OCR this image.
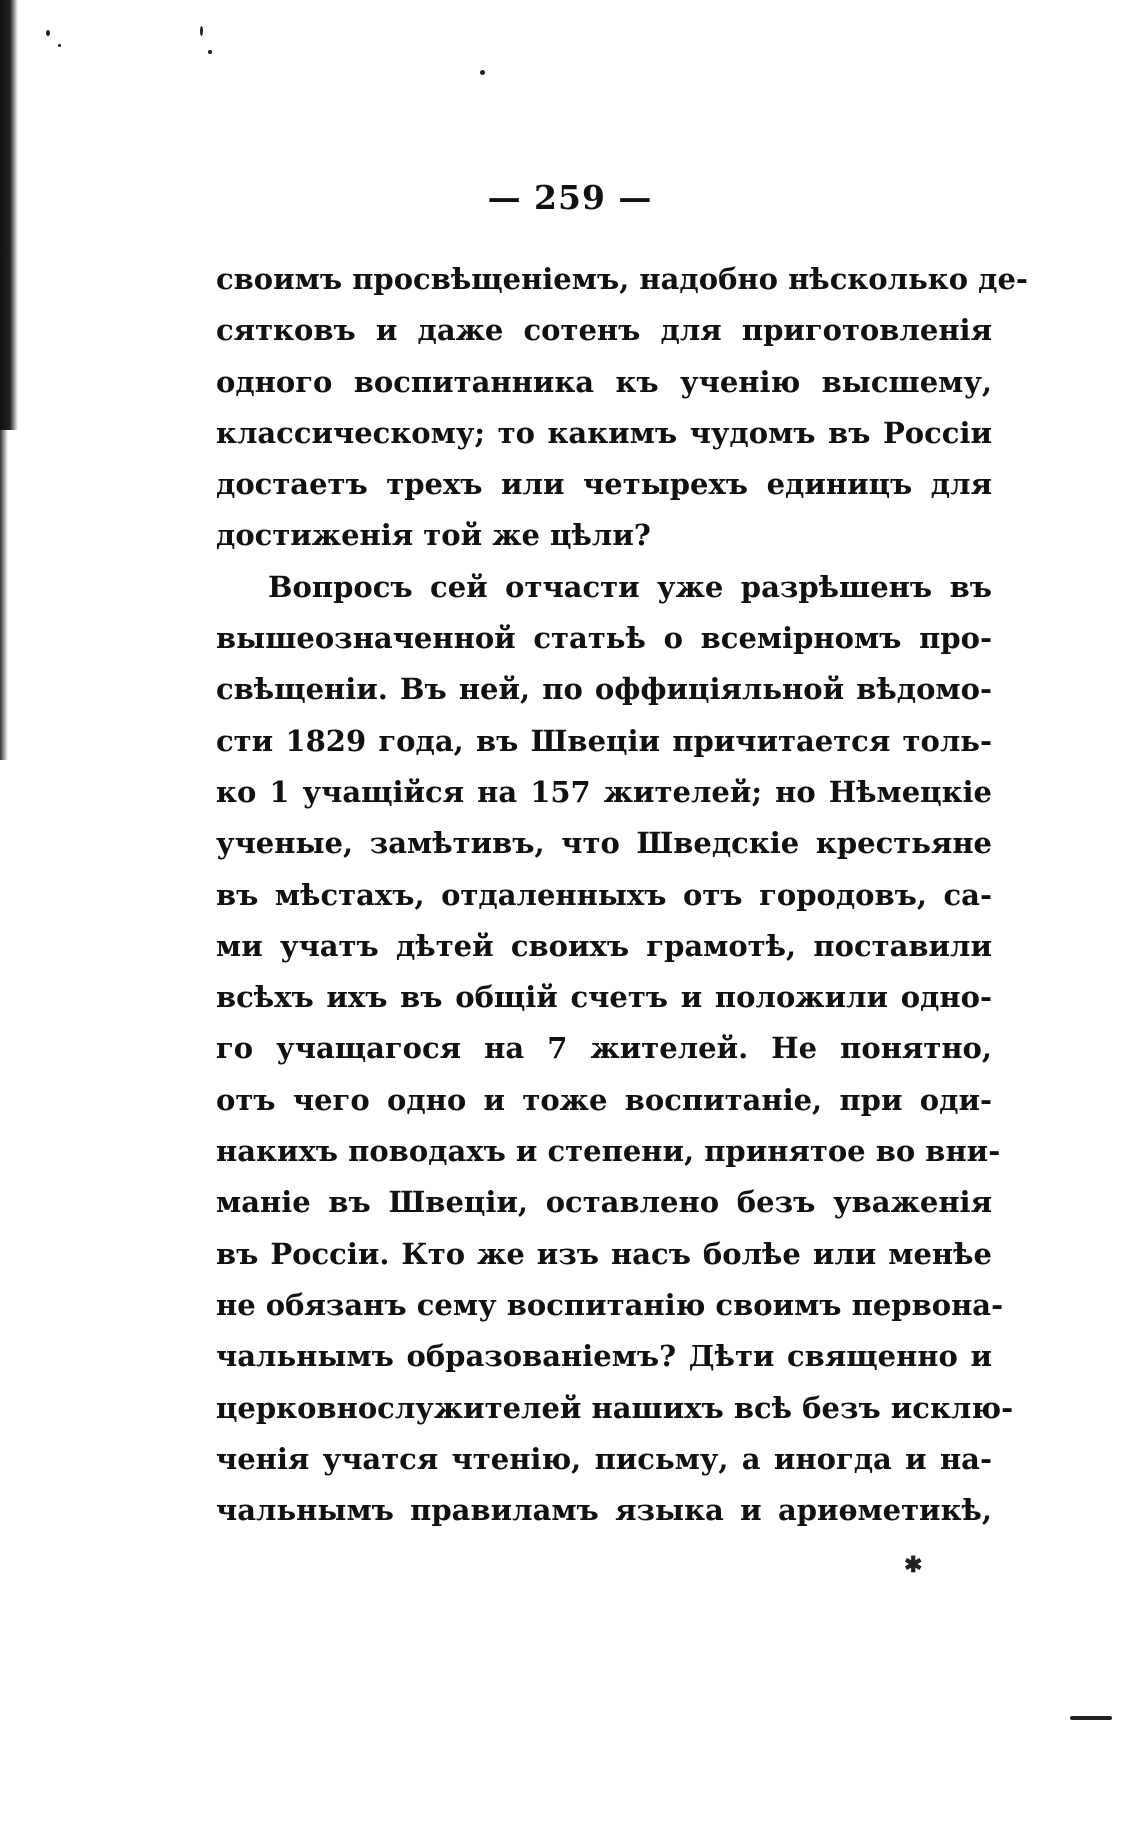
— 259 —
своимъ просвѣщеніемъ, надобно нѣсколько де-
сятковъ и даже сотенъ для приготовленія
одного воспитанника къ ученію высшему,
классическому; то какимъ чудомъ въ Россіи
достаетъ трехъ или четырехъ единицъ для
достиженія той же цѣли?
Вопросъ сей отчасти уже разрѣшенъ въ
вышеозначенной статьѣ о всемірномъ про-
свѣщеніи. Въ ней, по оффиціяльной вѣдомо-
сти 1829 года, въ Швеціи причитается толь-
ко 1 учащійся на 157 жителей; но Нѣмецкіе
ученые, замѣтивъ, что Шведскіе крестьяне
въ мѣстахъ, отдаленныхъ отъ городовъ, са-
ми учатъ дѣтей своихъ грамотѣ, поставили
всѣхъ ихъ въ общій счетъ и положили одно-
го учащагося на 7 жителей. Не понятно,
отъ чего одно и тоже воспитаніе, при оди-
накихъ поводахъ и степени, принятое во вни-
маніе въ Швеціи, оставлено безъ уваженія
въ Россіи. Кто же изъ насъ болѣе или менѣе
не обязанъ сему воспитанію своимъ первона-
чальнымъ образованіемъ? Дѣти священно и
церковнослужителей нашихъ всѣ безъ исклю-
ченія учатся чтенію, письму, а иногда и на-
чальнымъ правиламъ языка и ариѳметикѣ,
✱
